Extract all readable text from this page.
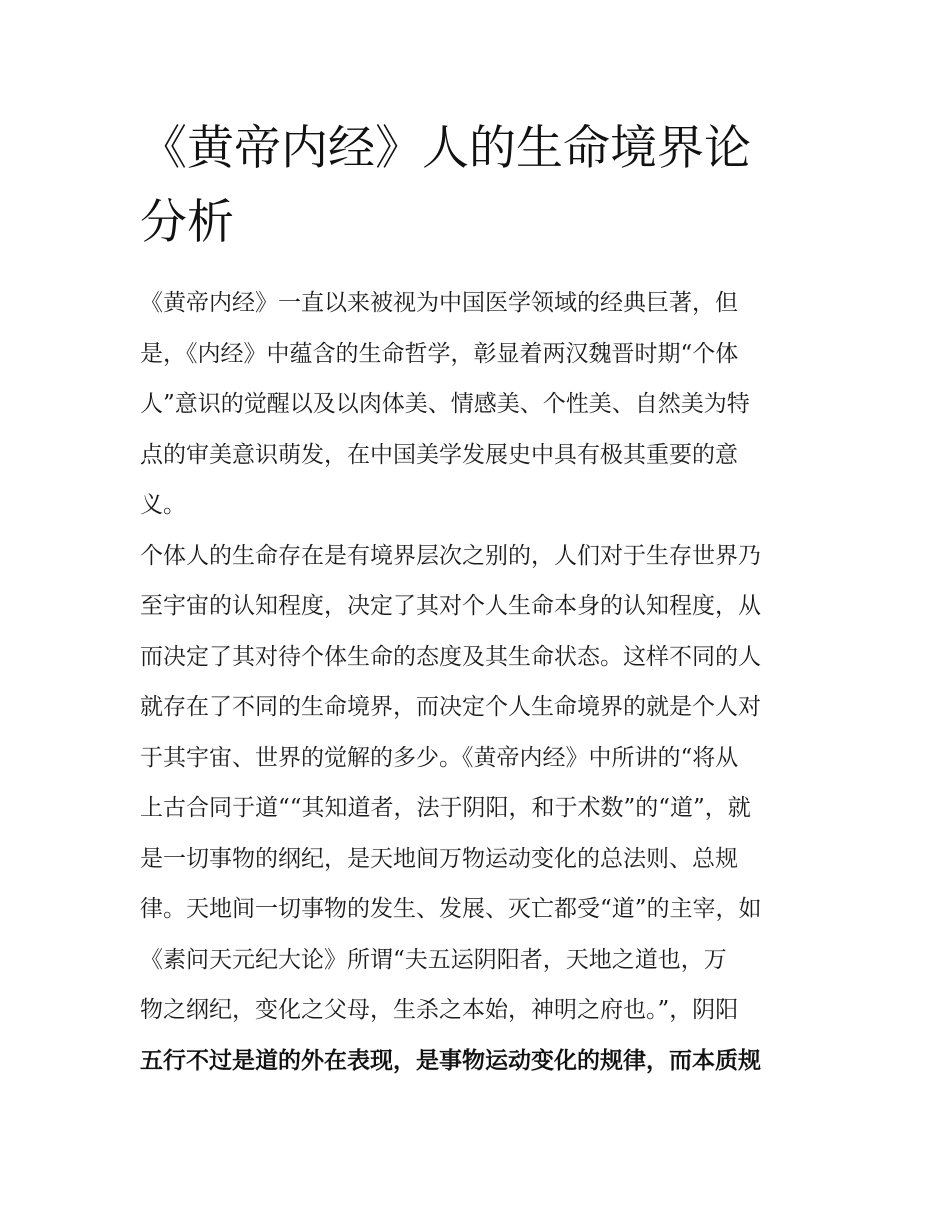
《黄帝内经》人的生命境界论
分析
《黄帝内经》一直以来被视为中国医学领域的经典巨著，但
是，《内经》中蕴含的生命哲学，彰显着两汉魏晋时期“个体
人”意识的觉醒以及以肉体美、情感美、个性美、自然美为特
点的审美意识萌发，在中国美学发展史中具有极其重要的意
义。
个体人的生命存在是有境界层次之别的，人们对于生存世界乃
至宇宙的认知程度，决定了其对个人生命本身的认知程度，从
而决定了其对待个体生命的态度及其生命状态。这样不同的人
就存在了不同的生命境界，而决定个人生命境界的就是个人对
于其宇宙、世界的觉解的多少。《黄帝内经》中所讲的“将从
上古合同于道““其知道者，法于阴阳，和于术数”的“道”，就
是一切事物的纲纪，是天地间万物运动变化的总法则、总规
律。天地间一切事物的发生、发展、灭亡都受“道”的主宰，如
《素问天元纪大论》所谓“夫五运阴阳者，天地之道也，万
物之纲纪，变化之父母，生杀之本始，神明之府也。”，阴阳
五行不过是道的外在表现，是事物运动变化的规律，而本质规
